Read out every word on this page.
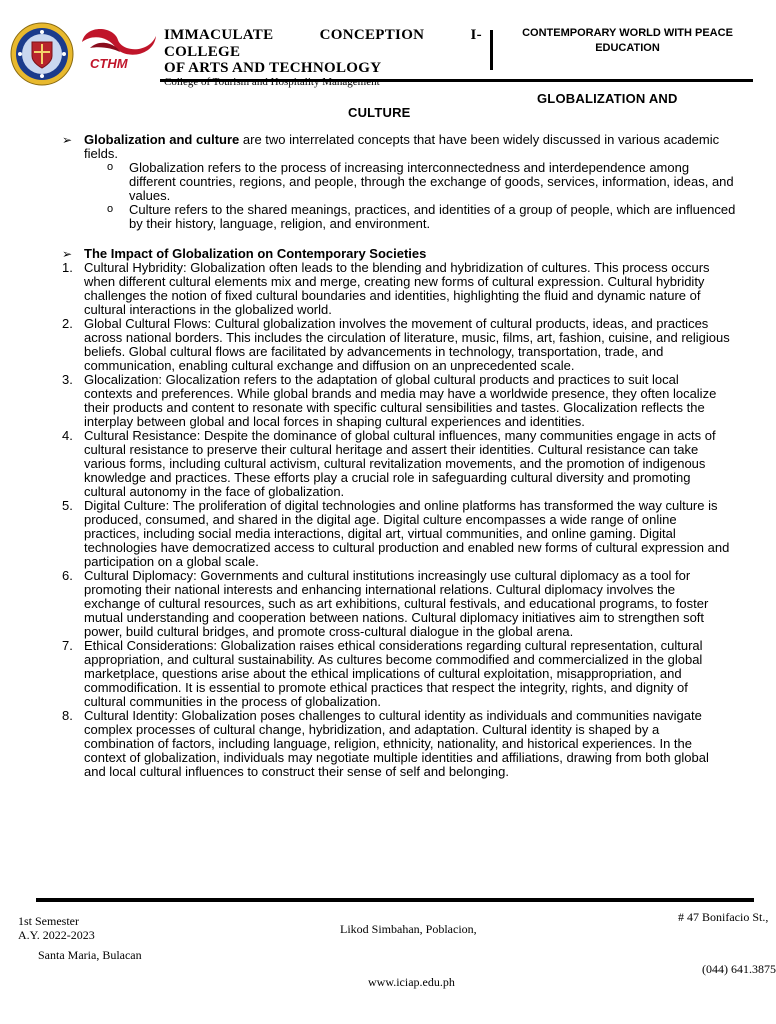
CTHM
IMMACULATE	CONCEPTION	I-
COLLEGE
OF ARTS AND TECHNOLOGY
College of Tourism and Hospitality Management
CONTEMPORARY WORLD WITH PEACE EDUCATION
GLOBALIZATION AND
CULTURE
➢ Globalization and culture are two interrelated concepts that have been widely discussed in various academic fields.
o Globalization refers to the process of increasing interconnectedness and interdependence among different countries, regions, and people, through the exchange of goods, services, information, ideas, and values.
o Culture refers to the shared meanings, practices, and identities of a group of people, which are influenced by their history, language, religion, and environment.
➢ The Impact of Globalization on Contemporary Societies
1. Cultural Hybridity: Globalization often leads to the blending and hybridization of cultures. This process occurs when different cultural elements mix and merge, creating new forms of cultural expression. Cultural hybridity challenges the notion of fixed cultural boundaries and identities, highlighting the fluid and dynamic nature of cultural interactions in the globalized world.
2. Global Cultural Flows: Cultural globalization involves the movement of cultural products, ideas, and practices across national borders. This includes the circulation of literature, music, films, art, fashion, cuisine, and religious beliefs. Global cultural flows are facilitated by advancements in technology, transportation, trade, and communication, enabling cultural exchange and diffusion on an unprecedented scale.
3. Glocalization: Glocalization refers to the adaptation of global cultural products and practices to suit local contexts and preferences. While global brands and media may have a worldwide presence, they often localize their products and content to resonate with specific cultural sensibilities and tastes. Glocalization reflects the interplay between global and local forces in shaping cultural experiences and identities.
4. Cultural Resistance: Despite the dominance of global cultural influences, many communities engage in acts of cultural resistance to preserve their cultural heritage and assert their identities. Cultural resistance can take various forms, including cultural activism, cultural revitalization movements, and the promotion of indigenous knowledge and practices. These efforts play a crucial role in safeguarding cultural diversity and promoting cultural autonomy in the face of globalization.
5. Digital Culture: The proliferation of digital technologies and online platforms has transformed the way culture is produced, consumed, and shared in the digital age. Digital culture encompasses a wide range of online practices, including social media interactions, digital art, virtual communities, and online gaming. Digital technologies have democratized access to cultural production and enabled new forms of cultural expression and participation on a global scale.
6. Cultural Diplomacy: Governments and cultural institutions increasingly use cultural diplomacy as a tool for promoting their national interests and enhancing international relations. Cultural diplomacy involves the exchange of cultural resources, such as art exhibitions, cultural festivals, and educational programs, to foster mutual understanding and cooperation between nations. Cultural diplomacy initiatives aim to strengthen soft power, build cultural bridges, and promote cross-cultural dialogue in the global arena.
7. Ethical Considerations: Globalization raises ethical considerations regarding cultural representation, cultural appropriation, and cultural sustainability. As cultures become commodified and commercialized in the global marketplace, questions arise about the ethical implications of cultural exploitation, misappropriation, and commodification. It is essential to promote ethical practices that respect the integrity, rights, and dignity of cultural communities in the process of globalization.
8. Cultural Identity: Globalization poses challenges to cultural identity as individuals and communities navigate complex processes of cultural change, hybridization, and adaptation. Cultural identity is shaped by a combination of factors, including language, religion, ethnicity, nationality, and historical experiences. In the context of globalization, individuals may negotiate multiple identities and affiliations, drawing from both global and local cultural influences to construct their sense of self and belonging.
1st Semester
A.Y. 2022-2023	Likod Simbahan, Poblacion,
# 47 Bonifacio St.,
Santa Maria, Bulacan
(044) 641.3875
www.iciap.edu.ph
